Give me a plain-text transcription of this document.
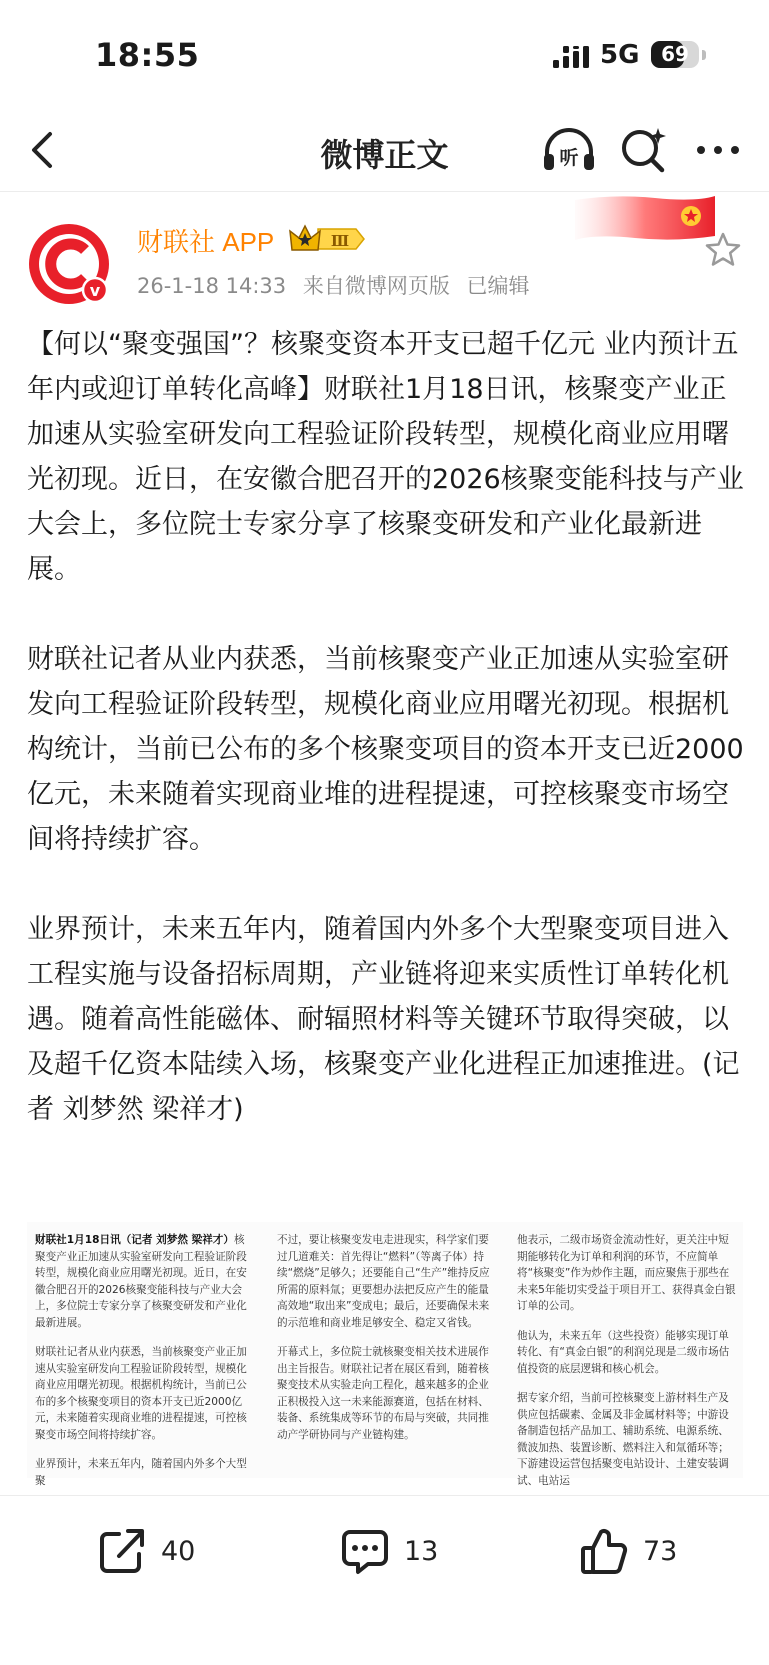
18:55	5G	69
微博正文	听
v
财联社 APP	Ⅲ
26-1-18 14:33 来自微博网页版 已编辑

【何以“聚变强国”？核聚变资本开支已超千亿元 业内预计五年内或迎订单转化高峰】财联社1月18日讯，核聚变产业正加速从实验室研发向工程验证阶段转型，规模化商业应用曙光初现。近日，在安徽合肥召开的2026核聚变能科技与产业大会上，多位院士专家分享了核聚变研发和产业化最新进展。

财联社记者从业内获悉，当前核聚变产业正加速从实验室研发向工程验证阶段转型，规模化商业应用曙光初现。根据机构统计，当前已公布的多个核聚变项目的资本开支已近2000亿元，未来随着实现商业堆的进程提速，可控核聚变市场空间将持续扩容。

业界预计，未来五年内，随着国内外多个大型聚变项目进入工程实施与设备招标周期，产业链将迎来实质性订单转化机遇。随着高性能磁体、耐辐照材料等关键环节取得突破，以及超千亿资本陆续入场，核聚变产业化进程正加速推进。(记者 刘梦然 梁祥才)

财联社1月18日讯（记者 刘梦然 梁祥才）核聚变产业正加速从实验室研发向工程验证阶段转型，规模化商业应用曙光初现。近日，在安徽合肥召开的2026核聚变能科技与产业大会上，多位院士专家分享了核聚变研发和产业化最新进展。

财联社记者从业内获悉，当前核聚变产业正加速从实验室研发向工程验证阶段转型，规模化商业应用曙光初现。根据机构统计，当前已公布的多个核聚变项目的资本开支已近2000亿元，未来随着实现商业堆的进程提速，可控核聚变市场空间将持续扩容。

业界预计，未来五年内，随着国内外多个大型聚

不过，要让核聚变发电走进现实，科学家们要过几道难关：首先得让“燃料”（等离子体）持续“燃烧”足够久；还要能自己“生产”维持反应所需的原料氚；更要想办法把反应产生的能量高效地“取出来”变成电；最后，还要确保未来的示范堆和商业堆足够安全、稳定又省钱。

开幕式上，多位院士就核聚变相关技术进展作出主旨报告。财联社记者在展区看到，随着核聚变技术从实验走向工程化，越来越多的企业正积极投入这一未来能源赛道，包括在材料、装备、系统集成等环节的布局与突破，共同推动产学研协同与产业链构建。

他表示，二级市场资金流动性好，更关注中短期能够转化为订单和利润的环节，不应简单将“核聚变”作为炒作主题，而应聚焦于那些在未来5年能切实受益于项目开工、获得真金白银订单的公司。

他认为，未来五年（这些投资）能够实现订单转化、有“真金白银”的利润兑现是二级市场估值投资的底层逻辑和核心机会。

据专家介绍，当前可控核聚变上游材料生产及供应包括碳素、金属及非金属材料等；中游设备制造包括产品加工、辅助系统、电源系统、微波加热、装置诊断、燃料注入和氚循环等；下游建设运营包括聚变电站设计、土建安装调试、电站运

40	13	73
